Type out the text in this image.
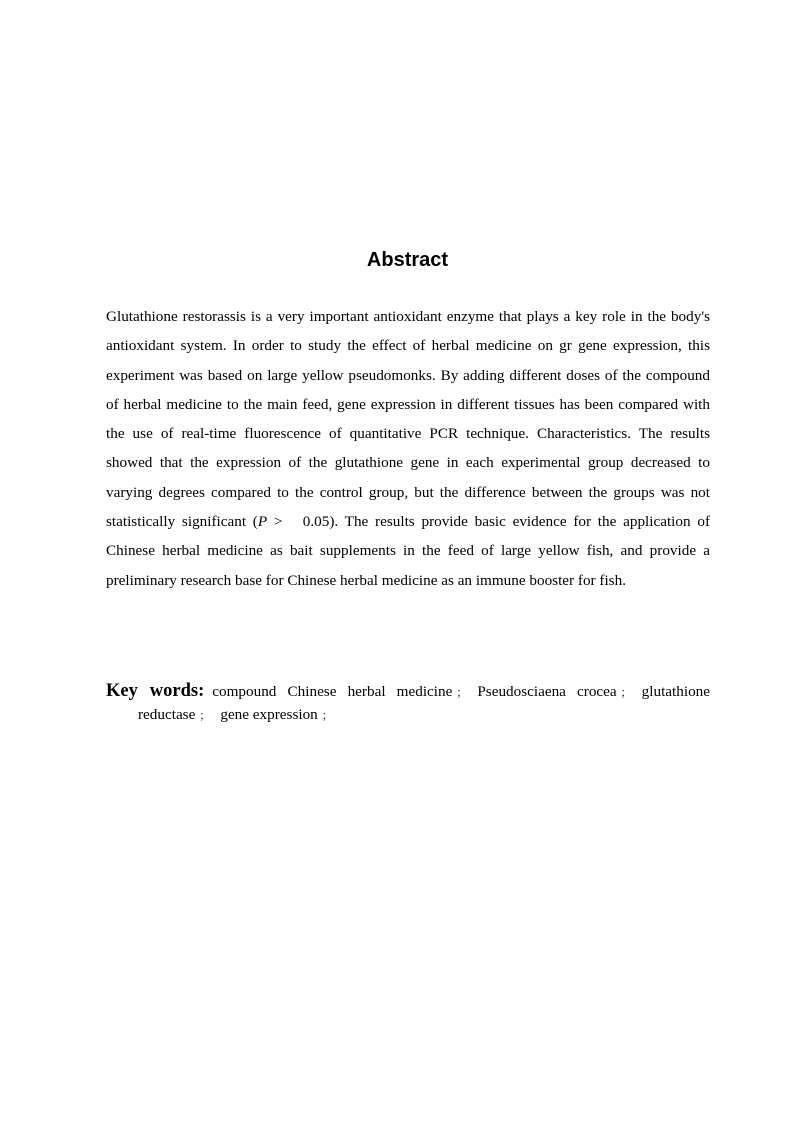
Abstract

Glutathione restorassis is a very important antioxidant enzyme that plays a key role in the body's antioxidant system. In order to study the effect of herbal medicine on gr gene expression, this experiment was based on large yellow pseudomonks. By adding different doses of the compound of herbal medicine to the main feed, gene expression in different tissues has been compared with the use of real-time fluorescence of quantitative PCR technique. Characteristics. The results showed that the expression of the glutathione gene in each experimental group decreased to varying degrees compared to the control group, but the difference between the groups was not statistically significant (P >   0.05). The results provide basic evidence for the application of Chinese herbal medicine as bait supplements in the feed of large yellow fish, and provide a preliminary research base for Chinese herbal medicine as an immune booster for fish.

Key words: compound Chinese herbal medicine ； Pseudosciaena crocea ； glutathione
reductase ； gene expression ；
